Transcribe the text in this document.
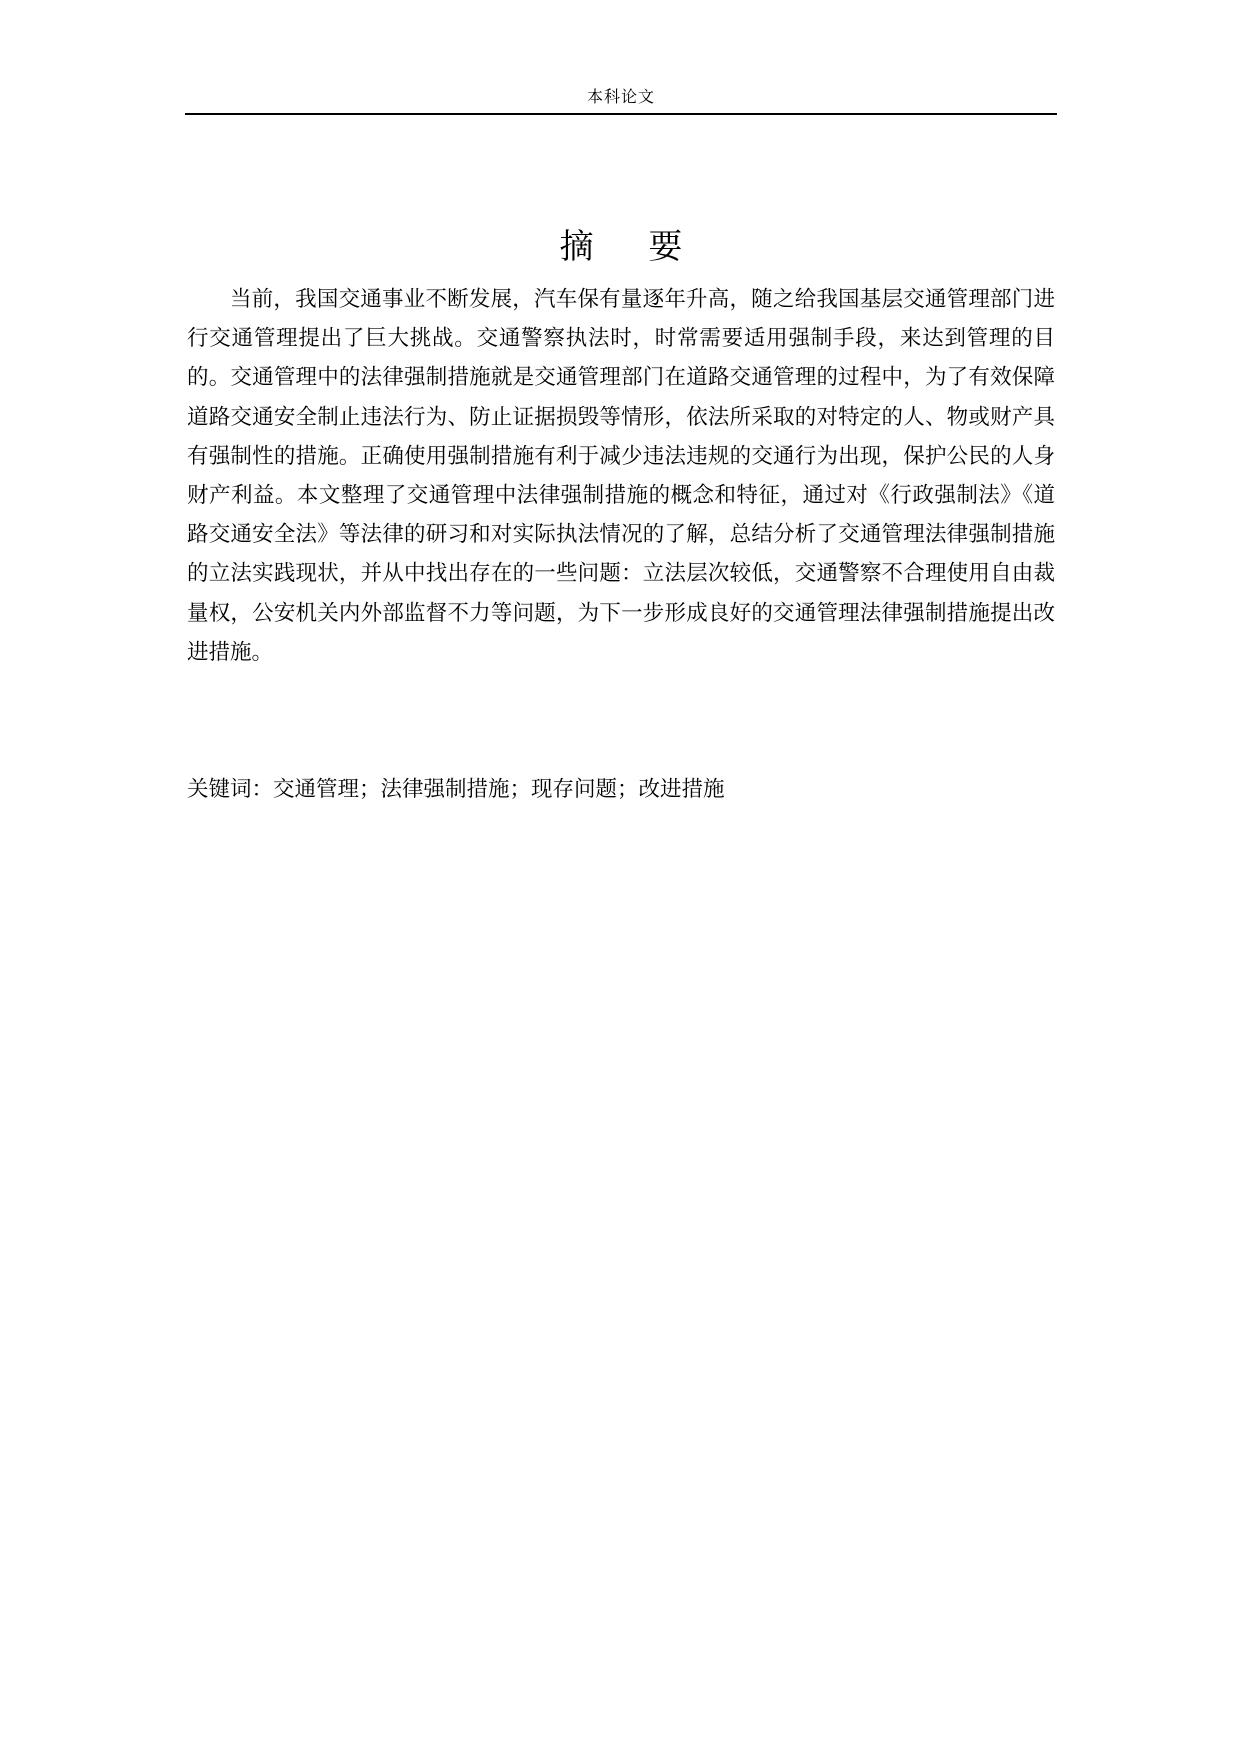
本科论文
摘 要

当前，我国交通事业不断发展，汽车保有量逐年升高，随之给我国基层交通管理部门进行交通管理提出了巨大挑战。交通警察执法时，时常需要适用强制手段，来达到管理的目的。交通管理中的法律强制措施就是交通管理部门在道路交通管理的过程中，为了有效保障道路交通安全制止违法行为、防止证据损毁等情形，依法所采取的对特定的人、物或财产具有强制性的措施。正确使用强制措施有利于减少违法违规的交通行为出现，保护公民的人身财产利益。本文整理了交通管理中法律强制措施的概念和特征，通过对《行政强制法》《道路交通安全法》等法律的研习和对实际执法情况的了解，总结分析了交通管理法律强制措施的立法实践现状，并从中找出存在的一些问题：立法层次较低，交通警察不合理使用自由裁量权，公安机关内外部监督不力等问题，为下一步形成良好的交通管理法律强制措施提出改进措施。

关键词：交通管理；法律强制措施；现存问题；改进措施
